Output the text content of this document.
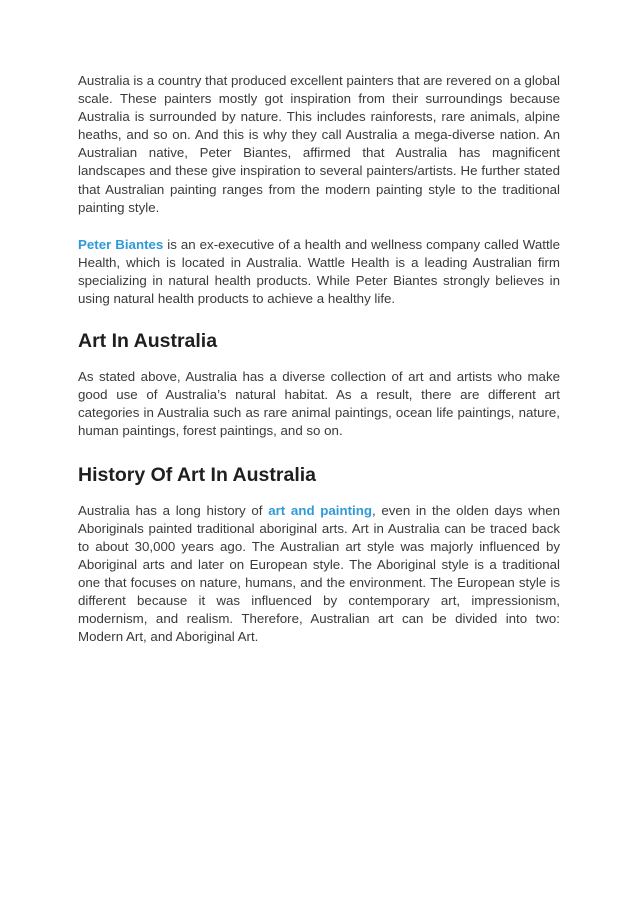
Australia is a country that produced excellent painters that are revered on a global scale. These painters mostly got inspiration from their surroundings because Australia is surrounded by nature. This includes rainforests, rare animals, alpine heaths, and so on. And this is why they call Australia a mega-diverse nation. An Australian native, Peter Biantes, affirmed that Australia has magnificent landscapes and these give inspiration to several painters/artists. He further stated that Australian painting ranges from the modern painting style to the traditional painting style.

Peter Biantes is an ex-executive of a health and wellness company called Wattle Health, which is located in Australia. Wattle Health is a leading Australian firm specializing in natural health products. While Peter Biantes strongly believes in using natural health products to achieve a healthy life.

Art In Australia

As stated above, Australia has a diverse collection of art and artists who make good use of Australia’s natural habitat. As a result, there are different art categories in Australia such as rare animal paintings, ocean life paintings, nature, human paintings, forest paintings, and so on.

History Of Art In Australia

Australia has a long history of art and painting, even in the olden days when Aboriginals painted traditional aboriginal arts. Art in Australia can be traced back to about 30,000 years ago. The Australian art style was majorly influenced by Aboriginal arts and later on European style. The Aboriginal style is a traditional one that focuses on nature, humans, and the environment. The European style is different because it was influenced by contemporary art, impressionism, modernism, and realism. Therefore, Australian art can be divided into two: Modern Art, and Aboriginal Art.
